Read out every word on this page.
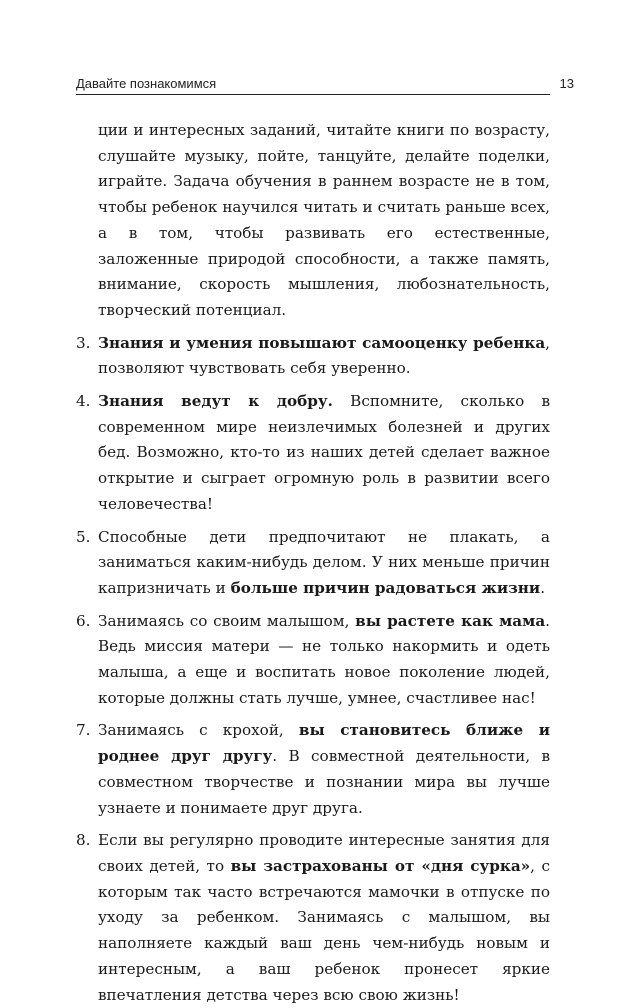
Давайте познакомимся	13

ции и интересных заданий, читайте книги по возрасту, слушайте музыку, пойте, танцуйте, делайте поделки, играйте. Задача обучения в раннем возрасте не в том, чтобы ребенок научился читать и считать раньше всех, а в том, чтобы развивать его естественные, заложенные природой способности, а также память, внимание, скорость мышления, любознательность, творческий потенциал.

3. Знания и умения повышают самооценку ребенка, позволяют чувствовать себя уверенно.
4. Знания ведут к добру. Вспомните, сколько в современном мире неизлечимых болезней и других бед. Возможно, кто-то из наших детей сделает важное открытие и сыграет огромную роль в развитии всего человечества!
5. Способные дети предпочитают не плакать, а заниматься каким-нибудь делом. У них меньше причин капризничать и больше причин радоваться жизни.
6. Занимаясь со своим малышом, вы растете как мама. Ведь миссия матери — не только накормить и одеть малыша, а еще и воспитать новое поколение людей, которые должны стать лучше, умнее, счастливее нас!
7. Занимаясь с крохой, вы становитесь ближе и роднее друг другу. В совместной деятельности, в совместном творчестве и познании мира вы лучше узнаете и понимаете друг друга.
8. Если вы регулярно проводите интересные занятия для своих детей, то вы застрахованы от «дня сурка», с которым так часто встречаются мамочки в отпуске по уходу за ребенком. Занимаясь с малышом, вы наполняете каждый ваш день чем-нибудь новым и интересным, а ваш ребенок пронесет яркие впечатления детства через всю свою жизнь!
